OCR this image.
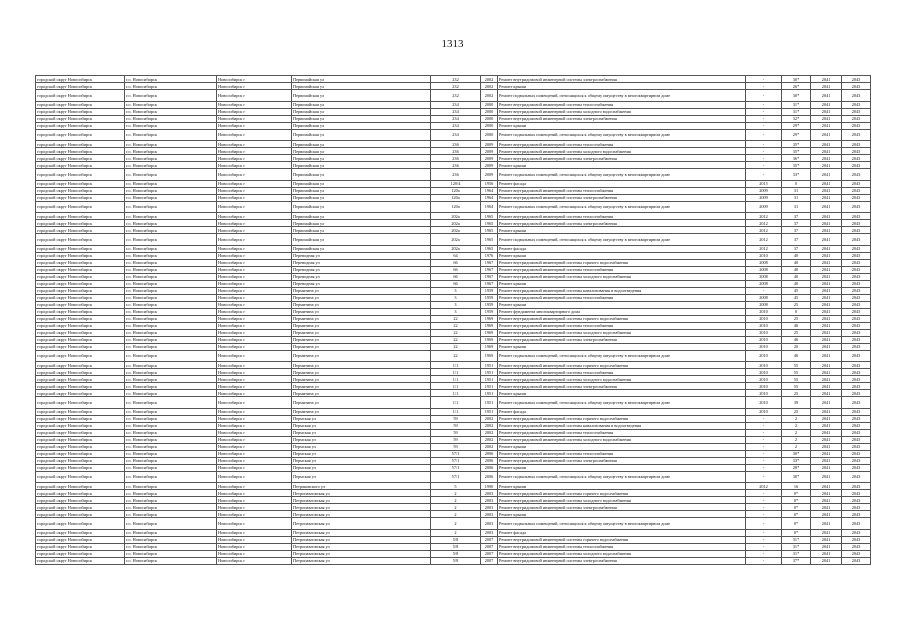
1313
городской округ Новосибирск	г.о. Новосибирск	Новосибирск г	Первомайская ул	232	2002	Ремонт внутридомовой инженерной системы электроснабжения	-	30*	2041	2043
городской округ Новосибирск	г.о. Новосибирск	Новосибирск г	Первомайская ул	232	2002	Ремонт крыши	-	26*	2041	2043
городской округ Новосибирск	г.о. Новосибирск	Новосибирск г	Первомайская ул	232	2002	Ремонт подвальных помещений, относящихся к общему имуществу в многоквартирном доме	-	30*	2041	2043
городской округ Новосибирск	г.о. Новосибирск	Новосибирск г	Первомайская ул	234	2000	Ремонт внутридомовой инженерной системы теплоснабжения	-	31*	2041	2043
городской округ Новосибирск	г.о. Новосибирск	Новосибирск г	Первомайская ул	234	2000	Ремонт внутридомовой инженерной системы холодного водоснабжения	-	31*	2041	2043
городской округ Новосибирск	г.о. Новосибирск	Новосибирск г	Первомайская ул	234	2000	Ремонт внутридомовой инженерной системы электроснабжения	-	32*	2041	2043
городской округ Новосибирск	г.о. Новосибирск	Новосибирск г	Первомайская ул	234	2000	Ремонт крыши	-	29*	2041	2043
городской округ Новосибирск	г.о. Новосибирск	Новосибирск г	Первомайская ул	234	2000	Ремонт подвальных помещений, относящихся к общему имуществу в многоквартирном доме	-	29*	2041	2043
городской округ Новосибирск	г.о. Новосибирск	Новосибирск г	Первомайская ул	236	2009	Ремонт внутридомовой инженерной системы теплоснабжения	-	35*	2041	2043
городской округ Новосибирск	г.о. Новосибирск	Новосибирск г	Первомайская ул	236	2009	Ремонт внутридомовой инженерной системы холодного водоснабжения	-	35*	2041	2043
городской округ Новосибирск	г.о. Новосибирск	Новосибирск г	Первомайская ул	236	2009	Ремонт внутридомовой инженерной системы электроснабжения	-	36*	2041	2043
городской округ Новосибирск	г.о. Новосибирск	Новосибирск г	Первомайская ул	236	2009	Ремонт крыши	-	35*	2041	2043
городской округ Новосибирск	г.о. Новосибирск	Новосибирск г	Первомайская ул	236	2009	Ремонт подвальных помещений, относящихся к общему имуществу в многоквартирном доме	-	33*	2041	2043
городской округ Новосибирск	г.о. Новосибирск	Новосибирск г	Первомайская ул	120/4	1956	Ремонт фасада	2015	0	2041	2043
городской округ Новосибирск	г.о. Новосибирск	Новосибирск г	Первомайская ул	120а	1964	Ремонт внутридомовой инженерной системы теплоснабжения	2009	31	2041	2043
городской округ Новосибирск	г.о. Новосибирск	Новосибирск г	Первомайская ул	120а	1964	Ремонт внутридомовой инженерной системы электроснабжения	2009	31	2041	2043
городской округ Новосибирск	г.о. Новосибирск	Новосибирск г	Первомайская ул	120а	1964	Ремонт подвальных помещений, относящихся к общему имуществу в многоквартирном доме	2009	31	2041	2043
городской округ Новосибирск	г.о. Новосибирск	Новосибирск г	Первомайская ул	202а	1965	Ремонт внутридомовой инженерной системы теплоснабжения	2012	37	2041	2043
городской округ Новосибирск	г.о. Новосибирск	Новосибирск г	Первомайская ул	202а	1965	Ремонт внутридомовой инженерной системы электроснабжения	2012	37	2041	2043
городской округ Новосибирск	г.о. Новосибирск	Новосибирск г	Первомайская ул	202а	1965	Ремонт крыши	2012	37	2041	2043
городской округ Новосибирск	г.о. Новосибирск	Новосибирск г	Первомайская ул	202а	1965	Ремонт подвальных помещений, относящихся к общему имуществу в многоквартирном доме	2012	37	2041	2043
городской округ Новосибирск	г.о. Новосибирск	Новосибирск г	Первомайская ул	202а	1965	Ремонт фасада	2012	37	2041	2043
городской округ Новосибирск	г.о. Новосибирск	Новосибирск г	Переводная ул	64	1976	Ремонт крыши	2010	40	2041	2043
городской округ Новосибирск	г.о. Новосибирск	Новосибирск г	Переводная ул	66	1967	Ремонт внутридомовой инженерной системы горячего водоснабжения	2008	40	2041	2043
городской округ Новосибирск	г.о. Новосибирск	Новосибирск г	Переводная ул	66	1967	Ремонт внутридомовой инженерной системы теплоснабжения	2008	40	2041	2043
городской округ Новосибирск	г.о. Новосибирск	Новосибирск г	Переводная ул	66	1967	Ремонт внутридомовой инженерной системы холодного водоснабжения	2008	40	2041	2043
городской округ Новосибирск	г.о. Новосибирск	Новосибирск г	Переводная ул	66	1967	Ремонт крыши	2008	40	2041	2043
городской округ Новосибирск	г.о. Новосибирск	Новосибирск г	Пермитина ул	3	1959	Ремонт внутридомовой инженерной системы канализования и водоотведения	-	45	2041	2043
городской округ Новосибирск	г.о. Новосибирск	Новосибирск г	Пермитина ул	3	1959	Ремонт внутридомовой инженерной системы теплоснабжения	2008	45	2041	2043
городской округ Новосибирск	г.о. Новосибирск	Новосибирск г	Пермитина ул	3	1959	Ремонт крыши	2008	25	2041	2043
городской округ Новосибирск	г.о. Новосибирск	Новосибирск г	Пермитина ул	3	1959	Ремонт фундамента многоквартирного дома	2010	0	2041	2043
городской округ Новосибирск	г.о. Новосибирск	Новосибирск г	Пермитина ул	22	1969	Ремонт внутридомовой инженерной системы горячего водоснабжения	2010	25	2041	2043
городской округ Новосибирск	г.о. Новосибирск	Новосибирск г	Пермитина ул	22	1969	Ремонт внутридомовой инженерной системы теплоснабжения	2010	46	2041	2043
городской округ Новосибирск	г.о. Новосибирск	Новосибирск г	Пермитина ул	22	1969	Ремонт внутридомовой инженерной системы холодного водоснабжения	2010	25	2041	2043
городской округ Новосибирск	г.о. Новосибирск	Новосибирск г	Пермитина ул	22	1969	Ремонт внутридомовой инженерной системы электроснабжения	2010	46	2041	2043
городской округ Новосибирск	г.о. Новосибирск	Новосибирск г	Пермитина ул	22	1969	Ремонт крыши	2010	20	2041	2043
городской округ Новосибирск	г.о. Новосибирск	Новосибирск г	Пермитина ул	22	1969	Ремонт подвальных помещений, относящихся к общему имуществу в многоквартирном доме	2010	46	2041	2043
городской округ Новосибирск	г.о. Новосибирск	Новосибирск г	Пермитина ул	1/1	1951	Ремонт внутридомовой инженерной системы горячего водоснабжения	2010	55	2041	2043
городской округ Новосибирск	г.о. Новосибирск	Новосибирск г	Пермитина ул	1/1	1951	Ремонт внутридомовой инженерной системы теплоснабжения	2010	55	2041	2043
городской округ Новосибирск	г.о. Новосибирск	Новосибирск г	Пермитина ул	1/1	1951	Ремонт внутридомовой инженерной системы холодного водоснабжения	2010	55	2041	2043
городской округ Новосибирск	г.о. Новосибирск	Новосибирск г	Пермитина ул	1/1	1951	Ремонт внутридомовой инженерной системы электроснабжения	2010	55	2041	2043
городской округ Новосибирск	г.о. Новосибирск	Новосибирск г	Пермитина ул	1/1	1951	Ремонт крыши	2010	25	2041	2043
городской округ Новосибирск	г.о. Новосибирск	Новосибирск г	Пермитина ул	1/1	1951	Ремонт подвальных помещений, относящихся к общему имуществу в многоквартирном доме	2010	39	2041	2043
городской округ Новосибирск	г.о. Новосибирск	Новосибирск г	Пермитина ул	1/1	1951	Ремонт фасада	2010	25	2041	2043
городской округ Новосибирск	г.о. Новосибирск	Новосибирск г	Пермская ул	59	2002	Ремонт внутридомовой инженерной системы горячего водоснабжения	-	2	2041	2043
городской округ Новосибирск	г.о. Новосибирск	Новосибирск г	Пермская ул	59	2002	Ремонт внутридомовой инженерной системы канализования и водоотведения	-	2	2041	2043
городской округ Новосибирск	г.о. Новосибирск	Новосибирск г	Пермская ул	59	2002	Ремонт внутридомовой инженерной системы теплоснабжения	-	2	2041	2043
городской округ Новосибирск	г.о. Новосибирск	Новосибирск г	Пермская ул	59	2002	Ремонт внутридомовой инженерной системы холодного водоснабжения	-	2	2041	2043
городской округ Новосибирск	г.о. Новосибирск	Новосибирск г	Пермская ул	59	2002	Ремонт крыши	-	2	2041	2043
городской округ Новосибирск	г.о. Новосибирск	Новосибирск г	Пермская ул	57/1	2006	Ремонт внутридомовой инженерной системы теплоснабжения	-	30*	2041	2043
городской округ Новосибирск	г.о. Новосибирск	Новосибирск г	Пермская ул	57/1	2006	Ремонт внутридомовой инженерной системы электроснабжения	-	33*	2041	2043
городской округ Новосибирск	г.о. Новосибирск	Новосибирск г	Пермская ул	57/1	2006	Ремонт крыши	-	28*	2041	2043
городской округ Новосибирск	г.о. Новосибирск	Новосибирск г	Пермская ул	57/1	2006	Ремонт подвальных помещений, относящихся к общему имуществу в многоквартирном доме	-	30*	2041	2043
городской округ Новосибирск	г.о. Новосибирск	Новосибирск г	Петраковского ул	5	1990	Ремонт крыши	2012	16	2041	2043
городской округ Новосибирск	г.о. Новосибирск	Новосибирск г	Петропавловская ул	2	2003	Ремонт внутридомовой инженерной системы горячего водоснабжения	-	0*	2041	2043
городской округ Новосибирск	г.о. Новосибирск	Новосибирск г	Петропавловская ул	2	2003	Ремонт внутридомовой инженерной системы холодного водоснабжения	-	0*	2041	2043
городской округ Новосибирск	г.о. Новосибирск	Новосибирск г	Петропавловская ул	2	2003	Ремонт внутридомовой инженерной системы электроснабжения	-	0*	2041	2043
городской округ Новосибирск	г.о. Новосибирск	Новосибирск г	Петропавловская ул	2	2003	Ремонт крыши	-	0*	2041	2043
городской округ Новосибирск	г.о. Новосибирск	Новосибирск г	Петропавловская ул	2	2003	Ремонт подвальных помещений, относящихся к общему имуществу в многоквартирном доме	-	0*	2041	2043
городской округ Новосибирск	г.о. Новосибирск	Новосибирск г	Петропавловская ул	2	2003	Ремонт фасада	-	0*	2041	2043
городской округ Новосибирск	г.о. Новосибирск	Новосибирск г	Петропавловская ул	5/8	2007	Ремонт внутридомовой инженерной системы горячего водоснабжения	-	31*	2041	2043
городской округ Новосибирск	г.о. Новосибирск	Новосибирск г	Петропавловская ул	5/8	2007	Ремонт внутридомовой инженерной системы теплоснабжения	-	31*	2041	2043
городской округ Новосибирск	г.о. Новосибирск	Новосибирск г	Петропавловская ул	5/8	2007	Ремонт внутридомовой инженерной системы холодного водоснабжения	-	31*	2041	2043
городской округ Новосибирск	г.о. Новосибирск	Новосибирск г	Петропавловская ул	5/8	2007	Ремонт внутридомовой инженерной системы электроснабжения	-	37*	2041	2043
